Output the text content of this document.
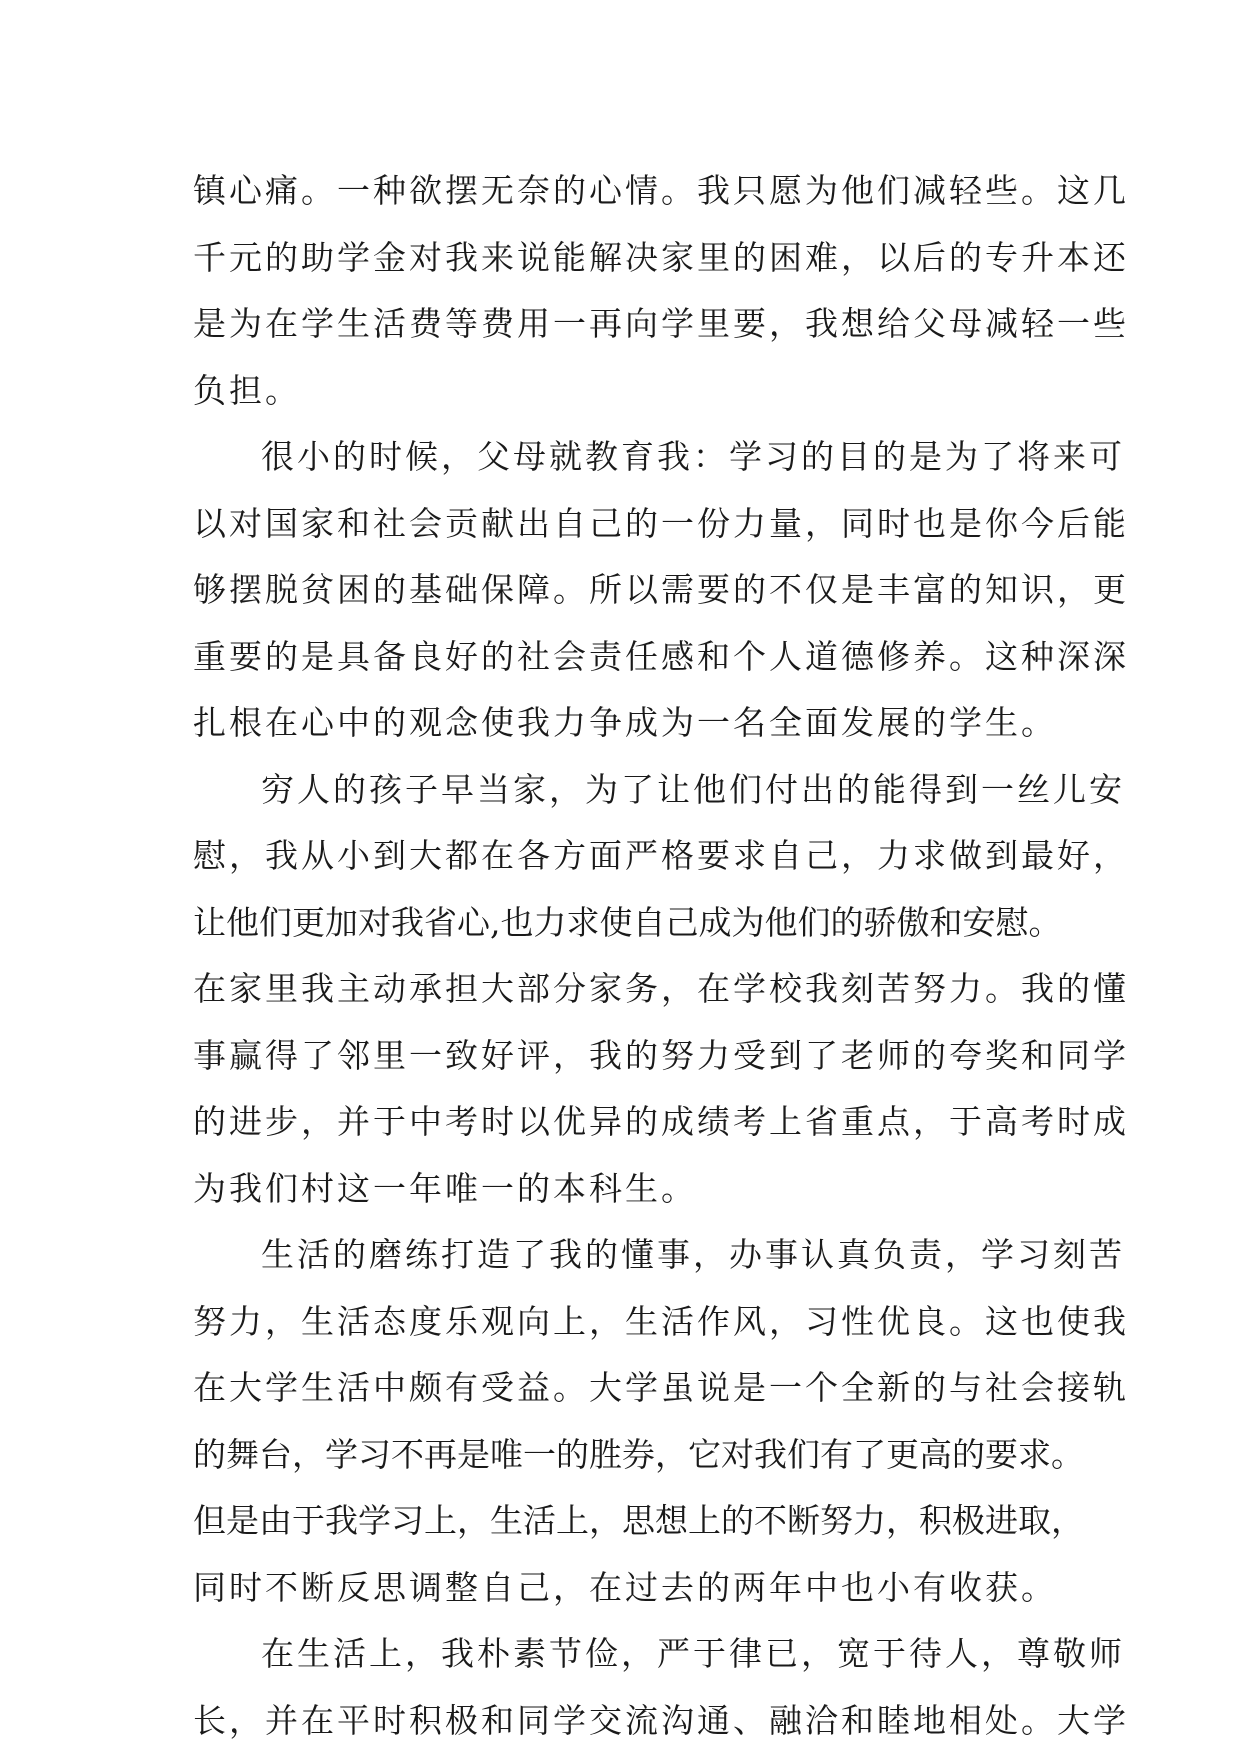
镇心痛。一种欲摆无奈的心情。我只愿为他们减轻些。这几
千元的助学金对我来说能解决家里的困难，以后的专升本还
是为在学生活费等费用一再向学里要，我想给父母减轻一些
负担。
很小的时候，父母就教育我：学习的目的是为了将来可
以对国家和社会贡献出自己的一份力量，同时也是你今后能
够摆脱贫困的基础保障。所以需要的不仅是丰富的知识，更
重要的是具备良好的社会责任感和个人道德修养。这种深深
扎根在心中的观念使我力争成为一名全面发展的学生。
穷人的孩子早当家，为了让他们付出的能得到一丝儿安
慰，我从小到大都在各方面严格要求自己，力求做到最好，
让他们更加对我省心,也力求使自己成为他们的骄傲和安慰。
在家里我主动承担大部分家务，在学校我刻苦努力。我的懂
事赢得了邻里一致好评，我的努力受到了老师的夸奖和同学
的进步，并于中考时以优异的成绩考上省重点，于高考时成
为我们村这一年唯一的本科生。
生活的磨练打造了我的懂事，办事认真负责，学习刻苦
努力，生活态度乐观向上，生活作风，习性优良。这也使我
在大学生活中颇有受益。大学虽说是一个全新的与社会接轨
的舞台，学习不再是唯一的胜券，它对我们有了更高的要求。
但是由于我学习上，生活上，思想上的不断努力，积极进取，
同时不断反思调整自己，在过去的两年中也小有收获。
在生活上，我朴素节俭，严于律已，宽于待人，尊敬师
长，并在平时积极和同学交流沟通、融洽和睦地相处。大学
